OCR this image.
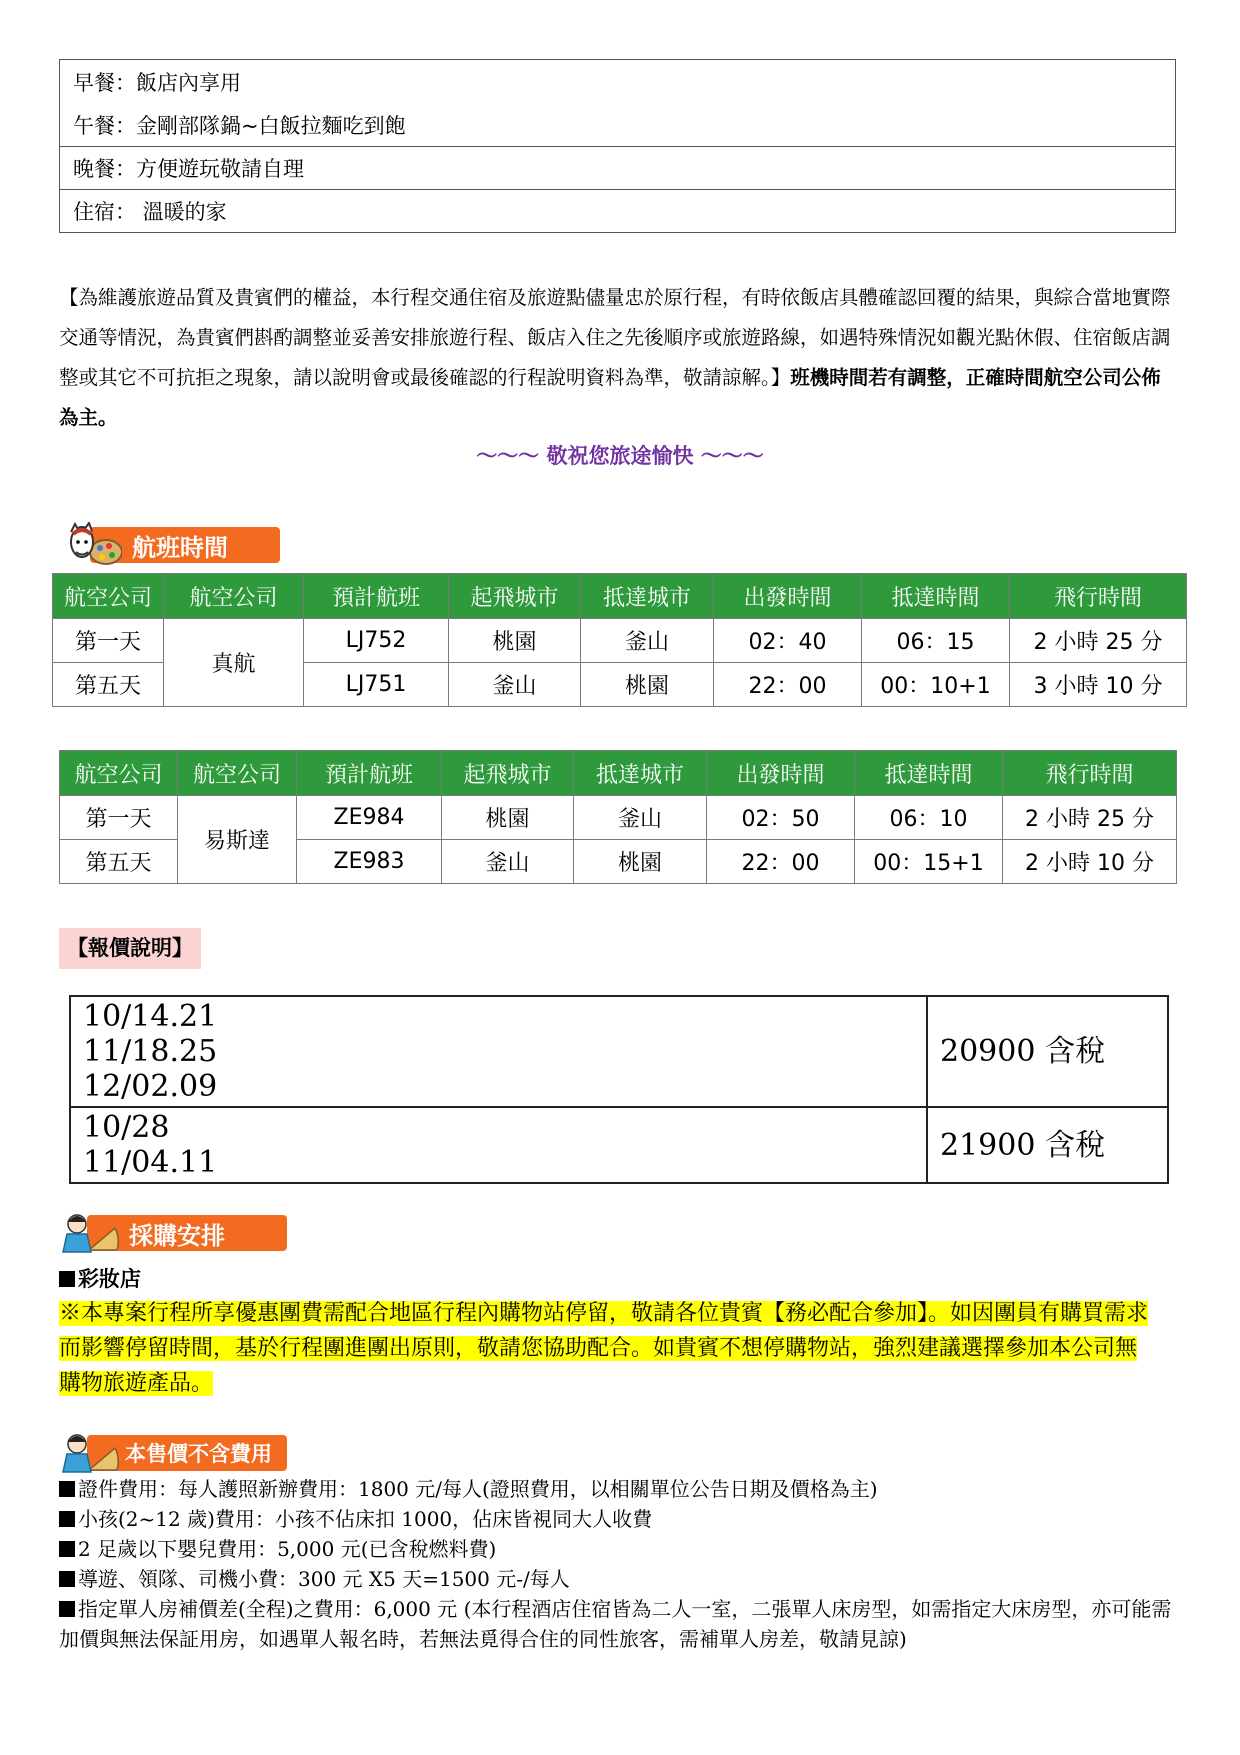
早餐：飯店內享用
午餐：金剛部隊鍋~白飯拉麵吃到飽
晚餐：方便遊玩敬請自理
住宿： 溫暖的家
【為維護旅遊品質及貴賓們的權益，本行程交通住宿及旅遊點儘量忠於原行程，有時依飯店具體確認回覆的結果，與綜合當地實際交通等情況，為貴賓們斟酌調整並妥善安排旅遊行程、飯店入住之先後順序或旅遊路線，如遇特殊情況如觀光點休假、住宿飯店調整或其它不可抗拒之現象，請以說明會或最後確認的行程說明資料為準，敬請諒解。】班機時間若有調整，正確時間航空公司公佈為主。
～～～ 敬祝您旅途愉快 ～～～
航班時間
航空公司	航空公司	預計航班	起飛城市	抵達城市	出發時間	抵達時間	飛行時間
第一天	真航	LJ752	桃園	釜山	02：40	06：15	2 小時 25 分
第五天		LJ751	釜山	桃園	22：00	00：10+1	3 小時 10 分
航空公司	航空公司	預計航班	起飛城市	抵達城市	出發時間	抵達時間	飛行時間
第一天	易斯達	ZE984	桃園	釜山	02：50	06：10	2 小時 25 分
第五天		ZE983	釜山	桃園	22：00	00：15+1	2 小時 10 分
【報價說明】
10/14.21
11/18.25
12/02.09	20900 含稅

10/28
11/04.11	21900 含稅
採購安排
彩妝店
※本專案行程所享優惠團費需配合地區行程內購物站停留，敬請各位貴賓【務必配合參加】。如因團員有購買需求而影響停留時間，基於行程團進團出原則，敬請您協助配合。如貴賓不想停購物站，強烈建議選擇參加本公司無購物旅遊產品。
本售價不含費用
證件費用：每人護照新辦費用：1800 元/每人(證照費用，以相關單位公告日期及價格為主)
小孩(2~12 歲)費用：小孩不佔床扣 1000，佔床皆視同大人收費
2 足歲以下嬰兒費用：5,000 元(已含稅燃料費)
導遊、領隊、司機小費：300 元 X5 天=1500 元-/每人
指定單人房補價差(全程)之費用：6,000 元 (本行程酒店住宿皆為二人一室，二張單人床房型，如需指定大床房型，亦可能需加價與無法保証用房，如遇單人報名時，若無法覓得合住的同性旅客，需補單人房差，敬請見諒)
